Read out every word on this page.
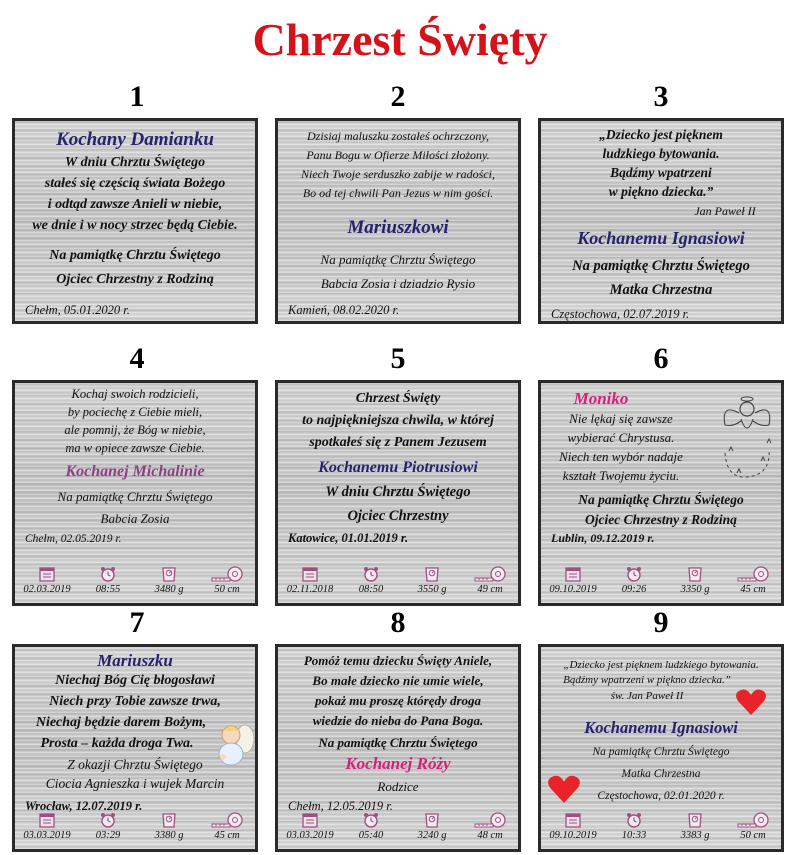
Chrzest Święty
1	2	3
Kochany Damianku
W dniu Chrztu Świętego
stałeś się częścią świata Bożego
i odtąd zawsze Anieli w niebie,
we dnie i w nocy strzec będą Ciebie.
Na pamiątkę Chrztu Świętego
Ojciec Chrzestny z Rodziną
Chełm, 05.01.2020 r.
Dzisiaj maluszku zostałeś ochrzczony,
Panu Bogu w Ofierze Miłości złożony.
Niech Twoje serduszko zabije w radości,
Bo od tej chwili Pan Jezus w nim gości.
Mariuszkowi
Na pamiątkę Chrztu Świętego
Babcia Zosia i dziadzio Rysio
Kamień, 08.02.2020 r.
„Dziecko jest pięknem
ludzkiego bytowania.
Bądźmy wpatrzeni
w piękno dziecka.”
Jan Paweł II
Kochanemu Ignasiowi
Na pamiątkę Chrztu Świętego
Matka Chrzestna
Częstochowa, 02.07.2019 r.
4	5	6
Kochaj swoich rodzicieli,
by pociechę z Ciebie mieli,
ale pomnij, że Bóg w niebie,
ma w opiece zawsze Ciebie.
Kochanej Michalinie
Na pamiątkę Chrztu Świętego
Babcia Zosia
Chełm, 02.05.2019 r.
02.03.2019	08:55	3480 g	50 cm
Chrzest Święty
to najpiękniejsza chwila, w której
spotkałeś się z Panem Jezusem
Kochanemu Piotrusiowi
W dniu Chrztu Świętego
Ojciec Chrzestny
Katowice, 01.01.2019 r.
02.11.2018	08:50	3550 g	49 cm
Moniko
Nie lękaj się zawsze
wybierać Chrystusa.
Niech ten wybór nadaje
kształt Twojemu życiu.
Na pamiątkę Chrztu Świętego
Ojciec Chrzestny z Rodziną
Lublin, 09.12.2019 r.
09.10.2019	09:26	3350 g	45 cm
7	8	9
Mariuszku
Niechaj Bóg Cię błogosławi
Niech przy Tobie zawsze trwa,
Niechaj będzie darem Bożym,
Prosta – każda droga Twa.
Z okazji Chrztu Świętego
Ciocia Agnieszka i wujek Marcin
Wrocław, 12.07.2019 r.
03.03.2019	03:29	3380 g	45 cm
Pomóż temu dziecku Święty Aniele,
Bo małe dziecko nie umie wiele,
pokaż mu proszę którędy droga
wiedzie do nieba do Pana Boga.
Na pamiątkę Chrztu Świętego
Kochanej Róży
Rodzice
Chełm, 12.05.2019 r.
03.03.2019	05:40	3240 g	48 cm
„Dziecko jest pięknem ludzkiego bytowania.
Bądźmy wpatrzeni w piękno dziecka.”
św. Jan Paweł II
Kochanemu Ignasiowi
Na pamiątkę Chrztu Świętego
Matka Chrzestna
Częstochowa, 02.01.2020 r.
09.10.2019	10:33	3383 g	50 cm
